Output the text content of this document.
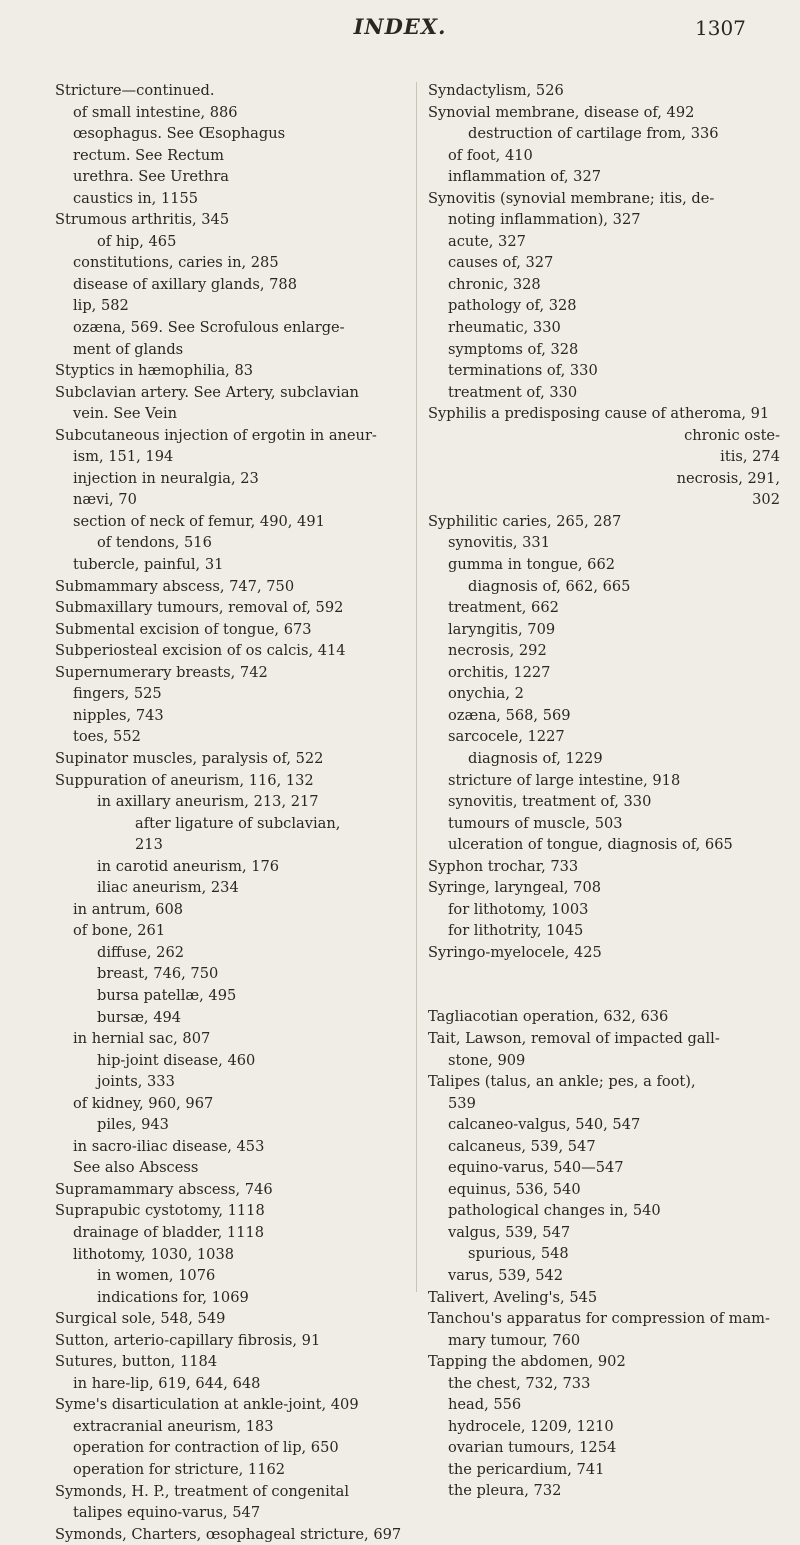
INDEX.	1307
Stricture—continued.
of small intestine, 886
œsophagus. See Œsophagus
rectum. See Rectum
urethra. See Urethra
caustics in, 1155
Strumous arthritis, 345
of hip, 465
constitutions, caries in, 285
disease of axillary glands, 788
lip, 582
ozæna, 569. See Scrofulous enlarge-
ment of glands
Styptics in hæmophilia, 83
Subclavian artery. See Artery, subclavian
vein. See Vein
Subcutaneous injection of ergotin in aneur-
ism, 151, 194
injection in neuralgia, 23
nævi, 70
section of neck of femur, 490, 491
of tendons, 516
tubercle, painful, 31
Submammary abscess, 747, 750
Submaxillary tumours, removal of, 592
Submental excision of tongue, 673
Subperiosteal excision of os calcis, 414
Supernumerary breasts, 742
fingers, 525
nipples, 743
toes, 552
Supinator muscles, paralysis of, 522
Suppuration of aneurism, 116, 132
in axillary aneurism, 213, 217
after ligature of subclavian,
213
in carotid aneurism, 176
iliac aneurism, 234
in antrum, 608
of bone, 261
diffuse, 262
breast, 746, 750
bursa patellæ, 495
bursæ, 494
in hernial sac, 807
hip-joint disease, 460
joints, 333
of kidney, 960, 967
piles, 943
in sacro-iliac disease, 453
See also Abscess
Supramammary abscess, 746
Suprapubic cystotomy, 1118
drainage of bladder, 1118
lithotomy, 1030, 1038
in women, 1076
indications for, 1069
Surgical sole, 548, 549
Sutton, arterio-capillary fibrosis, 91
Sutures, button, 1184
in hare-lip, 619, 644, 648
Syme's disarticulation at ankle-joint, 409
extracranial aneurism, 183
operation for contraction of lip, 650
operation for stricture, 1162
Symonds, H. P., treatment of congenital
talipes equino-varus, 547
Symonds, Charters, œsophageal stricture, 697
Syndactylism, 526
Synovial membrane, disease of, 492
destruction of cartilage from, 336
of foot, 410
inflammation of, 327
Synovitis (synovial membrane; itis, de-
noting inflammation), 327
acute, 327
causes of, 327
chronic, 328
pathology of, 328
rheumatic, 330
symptoms of, 328
terminations of, 330
treatment of, 330
Syphilis a predisposing cause of atheroma, 91
chronic oste-
itis, 274
necrosis, 291,
302
Syphilitic caries, 265, 287
synovitis, 331
gumma in tongue, 662
diagnosis of, 662, 665
treatment, 662
laryngitis, 709
necrosis, 292
orchitis, 1227
onychia, 2
ozæna, 568, 569
sarcocele, 1227
diagnosis of, 1229
stricture of large intestine, 918
synovitis, treatment of, 330
tumours of muscle, 503
ulceration of tongue, diagnosis of, 665
Syphon trochar, 733
Syringe, laryngeal, 708
for lithotomy, 1003
for lithotrity, 1045
Syringo-myelocele, 425
Tagliacotian operation, 632, 636
Tait, Lawson, removal of impacted gall-
stone, 909
Talipes (talus, an ankle; pes, a foot),
539
calcaneo-valgus, 540, 547
calcaneus, 539, 547
equino-varus, 540—547
equinus, 536, 540
pathological changes in, 540
valgus, 539, 547
spurious, 548
varus, 539, 542
Talivert, Aveling's, 545
Tanchou's apparatus for compression of mam-
mary tumour, 760
Tapping the abdomen, 902
the chest, 732, 733
head, 556
hydrocele, 1209, 1210
ovarian tumours, 1254
the pericardium, 741
the pleura, 732
